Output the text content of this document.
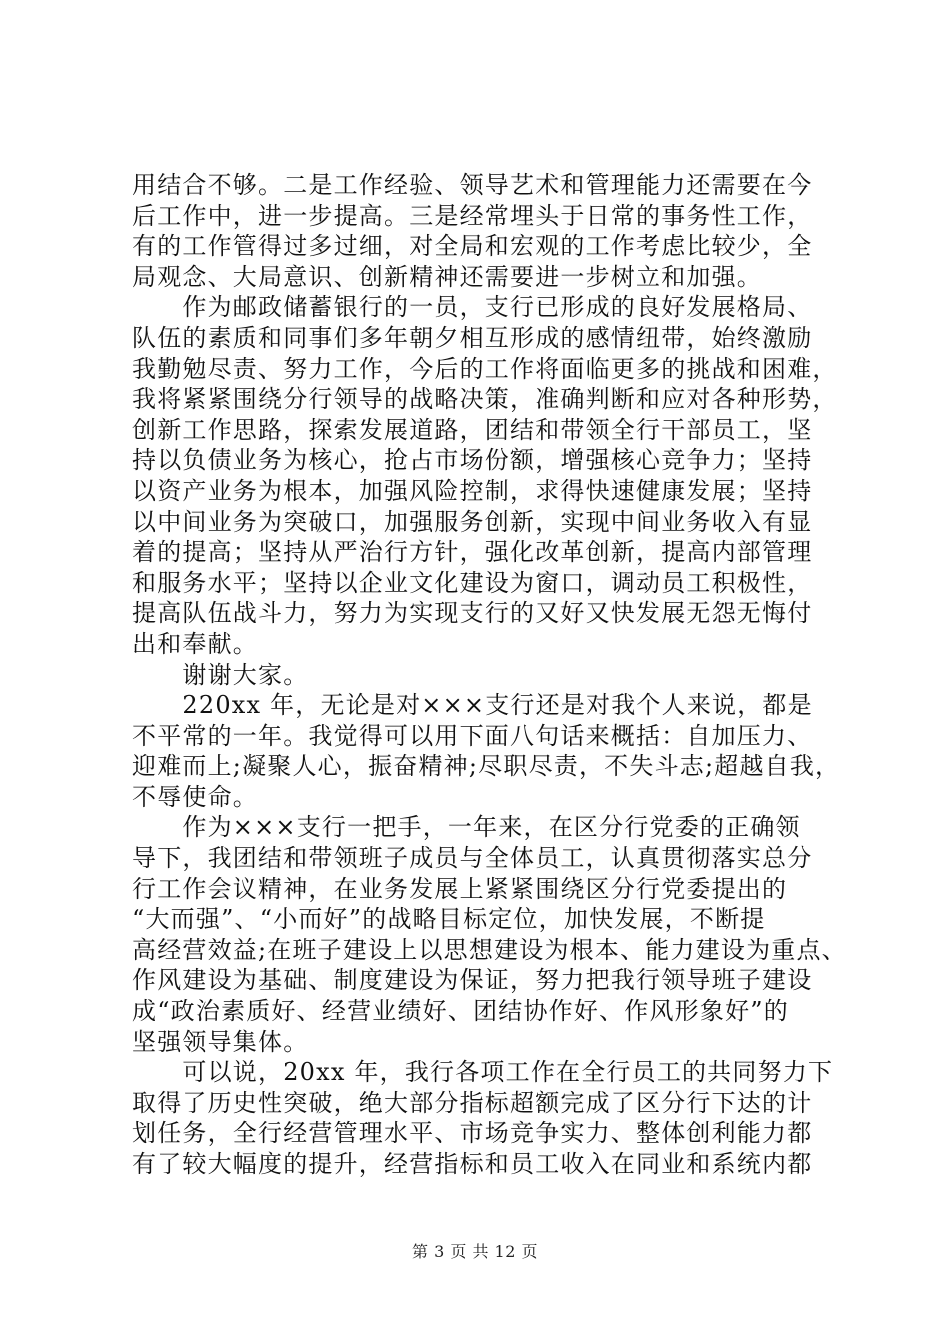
用结合不够。二是工作经验、领导艺术和管理能力还需要在今
后工作中，进一步提高。三是经常埋头于日常的事务性工作，
有的工作管得过多过细，对全局和宏观的工作考虑比较少，全
局观念、大局意识、创新精神还需要进一步树立和加强。
　　作为邮政储蓄银行的一员，支行已形成的良好发展格局、
队伍的素质和同事们多年朝夕相互形成的感情纽带，始终激励
我勤勉尽责、努力工作，今后的工作将面临更多的挑战和困难，
我将紧紧围绕分行领导的战略决策，准确判断和应对各种形势，
创新工作思路，探索发展道路，团结和带领全行干部员工，坚
持以负债业务为核心，抢占市场份额，增强核心竞争力；坚持
以资产业务为根本，加强风险控制，求得快速健康发展；坚持
以中间业务为突破口，加强服务创新，实现中间业务收入有显
着的提高；坚持从严治行方针，强化改革创新，提高内部管理
和服务水平；坚持以企业文化建设为窗口，调动员工积极性，
提高队伍战斗力，努力为实现支行的又好又快发展无怨无悔付
出和奉献。
　　谢谢大家。
　　220xx 年，无论是对×××支行还是对我个人来说，都是
不平常的一年。我觉得可以用下面八句话来概括：自加压力、
迎难而上;凝聚人心，振奋精神;尽职尽责，不失斗志;超越自我，
不辱使命。
　　作为×××支行一把手，一年来，在区分行党委的正确领
导下，我团结和带领班子成员与全体员工，认真贯彻落实总分
行工作会议精神，在业务发展上紧紧围绕区分行党委提出的
“大而强”、“小而好”的战略目标定位，加快发展，不断提
高经营效益;在班子建设上以思想建设为根本、能力建设为重点、
作风建设为基础、制度建设为保证，努力把我行领导班子建设
成“政治素质好、经营业绩好、团结协作好、作风形象好”的
坚强领导集体。
　　可以说，20xx 年，我行各项工作在全行员工的共同努力下
取得了历史性突破，绝大部分指标超额完成了区分行下达的计
划任务，全行经营管理水平、市场竞争实力、整体创利能力都
有了较大幅度的提升，经营指标和员工收入在同业和系统内都
第 3 页 共 12 页
